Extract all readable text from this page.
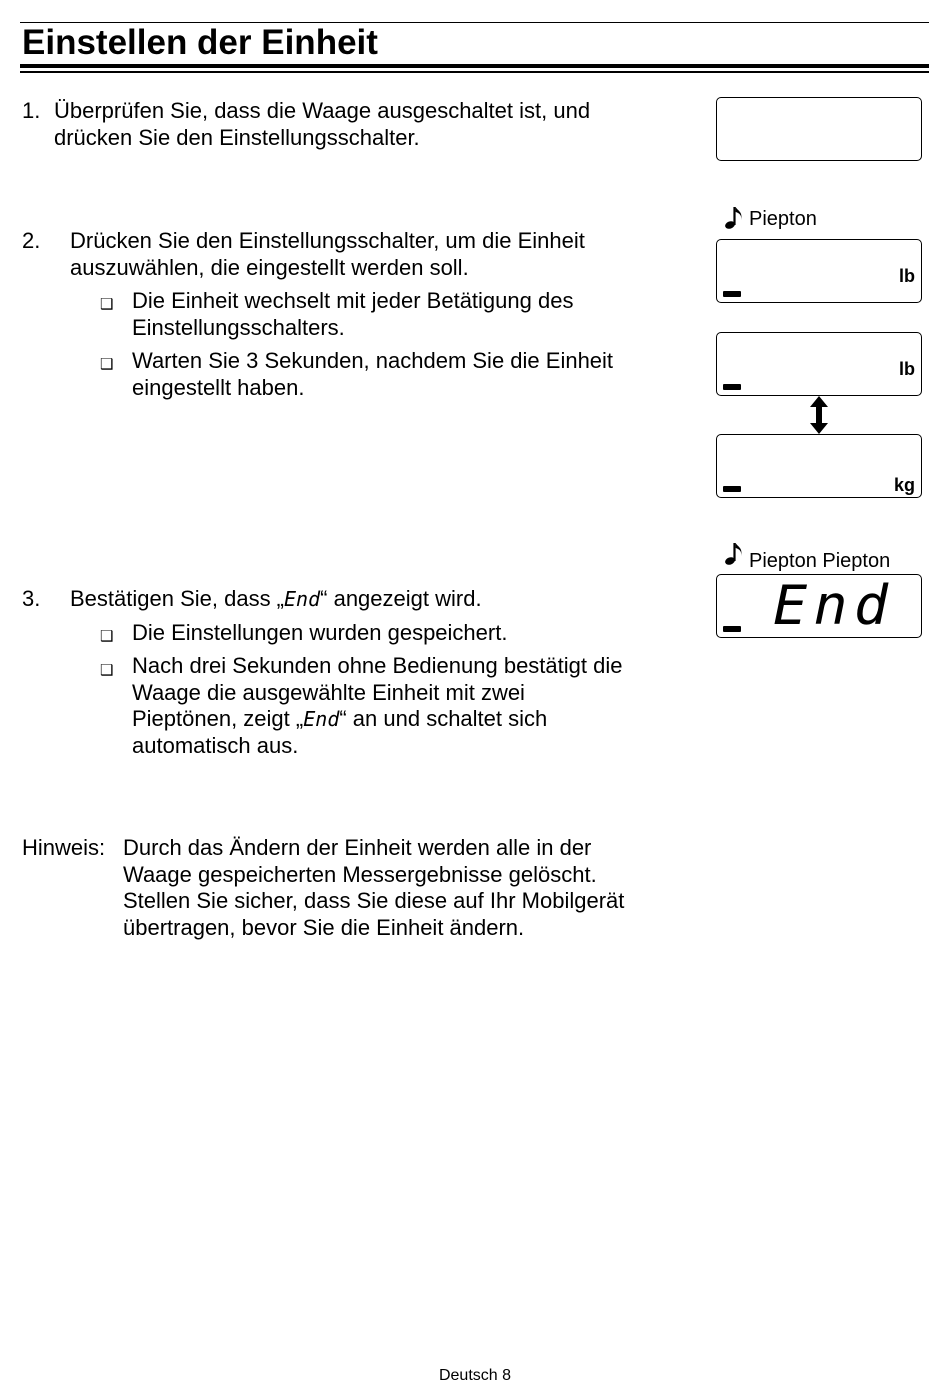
Einstellen der Einheit
1. Überprüfen Sie, dass die Waage ausgeschaltet ist, und
drücken Sie den Einstellungsschalter.
2. Drücken Sie den Einstellungsschalter, um die Einheit
auszuwählen, die eingestellt werden soll.
❑ Die Einheit wechselt mit jeder Betätigung des
Einstellungsschalters.
❑ Warten Sie 3 Sekunden, nachdem Sie die Einheit
eingestellt haben.
3. Bestätigen Sie, dass „End“ angezeigt wird.
❑ Die Einstellungen wurden gespeichert.
❑ Nach drei Sekunden ohne Bedienung bestätigt die
Waage die ausgewählte Einheit mit zwei
Pieptönen, zeigt „End“ an und schaltet sich
automatisch aus.
Hinweis: Durch das Ändern der Einheit werden alle in der
Waage gespeicherten Messergebnisse gelöscht.
Stellen Sie sicher, dass Sie diese auf Ihr Mobilgerät
übertragen, bevor Sie die Einheit ändern.
Piepton
lb
lb
kg
Piepton Piepton
End
Deutsch 8
